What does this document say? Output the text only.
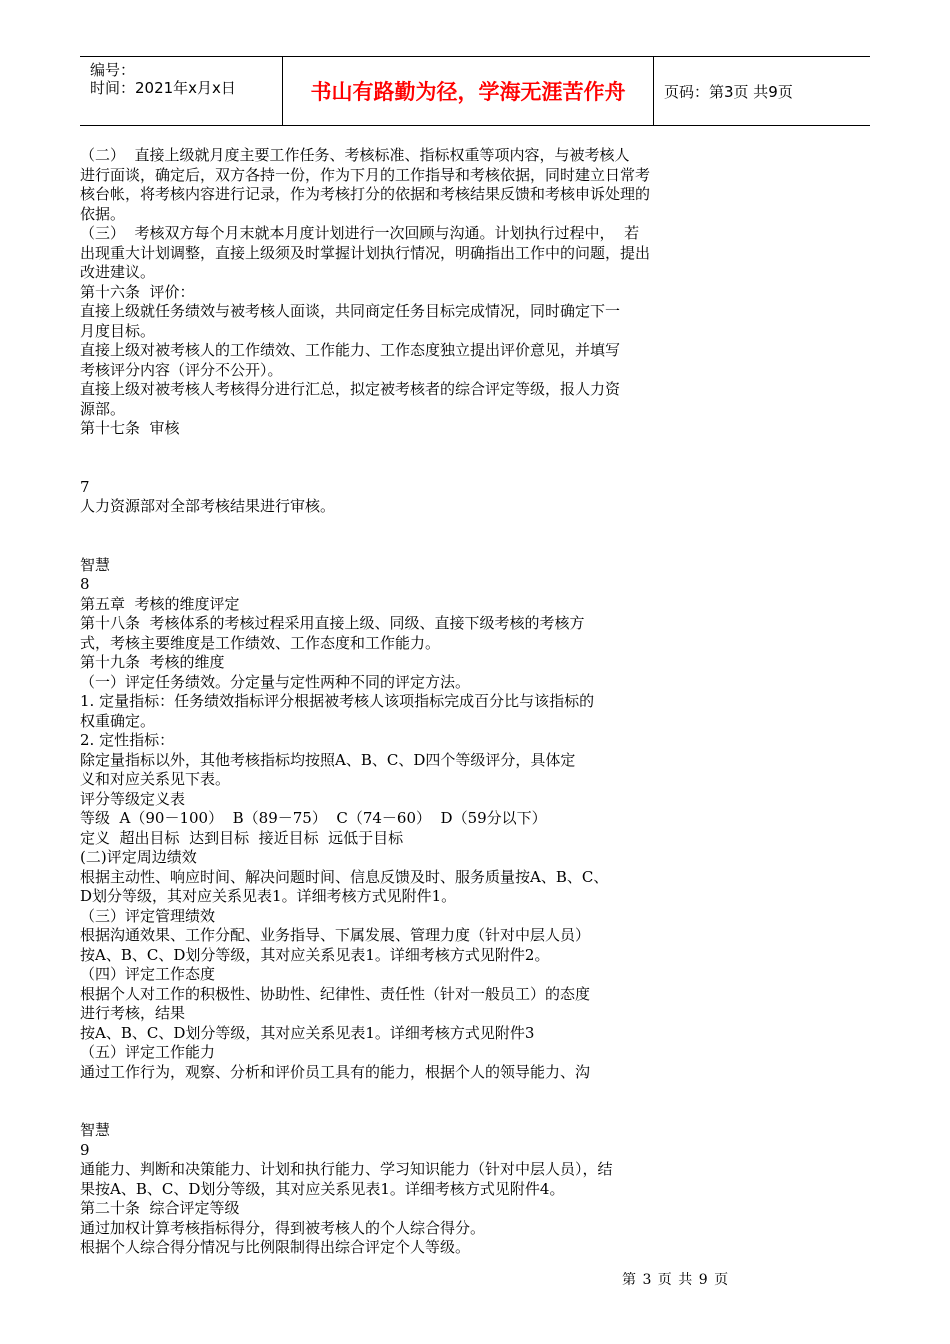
编号：
时间：2021年x月x日	书山有路勤为径，学海无涯苦作舟	页码：第3页 共9页
（二）  直接上级就月度主要工作任务、考核标准、指标权重等项内容，与被考核人
进行面谈，确定后，双方各持一份，作为下月的工作指导和考核依据，同时建立日常考
核台帐，将考核内容进行记录，作为考核打分的依据和考核结果反馈和考核申诉处理的
依据。
（三）  考核双方每个月末就本月度计划进行一次回顾与沟通。计划执行过程中，  若
出现重大计划调整，直接上级须及时掌握计划执行情况，明确指出工作中的问题，提出
改进建议。
第十六条  评价：
直接上级就任务绩效与被考核人面谈，共同商定任务目标完成情况，同时确定下一
月度目标。
直接上级对被考核人的工作绩效、工作能力、工作态度独立提出评价意见，并填写
考核评分内容（评分不公开）。
直接上级对被考核人考核得分进行汇总，拟定被考核者的综合评定等级，报人力资
源部。
第十七条  审核
7
人力资源部对全部考核结果进行审核。
智慧
8
第五章  考核的维度评定
第十八条  考核体系的考核过程采用直接上级、同级、直接下级考核的考核方
式，考核主要维度是工作绩效、工作态度和工作能力。
第十九条  考核的维度
（一）评定任务绩效。分定量与定性两种不同的评定方法。
1. 定量指标：任务绩效指标评分根据被考核人该项指标完成百分比与该指标的
权重确定。
2. 定性指标：
除定量指标以外，其他考核指标均按照A、B、C、D四个等级评分，具体定
义和对应关系见下表。
评分等级定义表
等级  A（90－100）  B（89－75）  C（74－60）  D（59分以下）
定义  超出目标  达到目标  接近目标  远低于目标
(二)评定周边绩效
根据主动性、响应时间、解决问题时间、信息反馈及时、服务质量按A、B、C、
D划分等级，其对应关系见表1。详细考核方式见附件1。
（三）评定管理绩效
根据沟通效果、工作分配、业务指导、下属发展、管理力度（针对中层人员）
按A、B、C、D划分等级，其对应关系见表1。详细考核方式见附件2。
（四）评定工作态度
根据个人对工作的积极性、协助性、纪律性、责任性（针对一般员工）的态度
进行考核，结果
按A、B、C、D划分等级，其对应关系见表1。详细考核方式见附件3
（五）评定工作能力
通过工作行为，观察、分析和评价员工具有的能力，根据个人的领导能力、沟
智慧
9
通能力、判断和决策能力、计划和执行能力、学习知识能力（针对中层人员），结
果按A、B、C、D划分等级，其对应关系见表1。详细考核方式见附件4。
第二十条  综合评定等级
通过加权计算考核指标得分，得到被考核人的个人综合得分。
根据个人综合得分情况与比例限制得出综合评定个人等级。
第 3 页 共 9 页
